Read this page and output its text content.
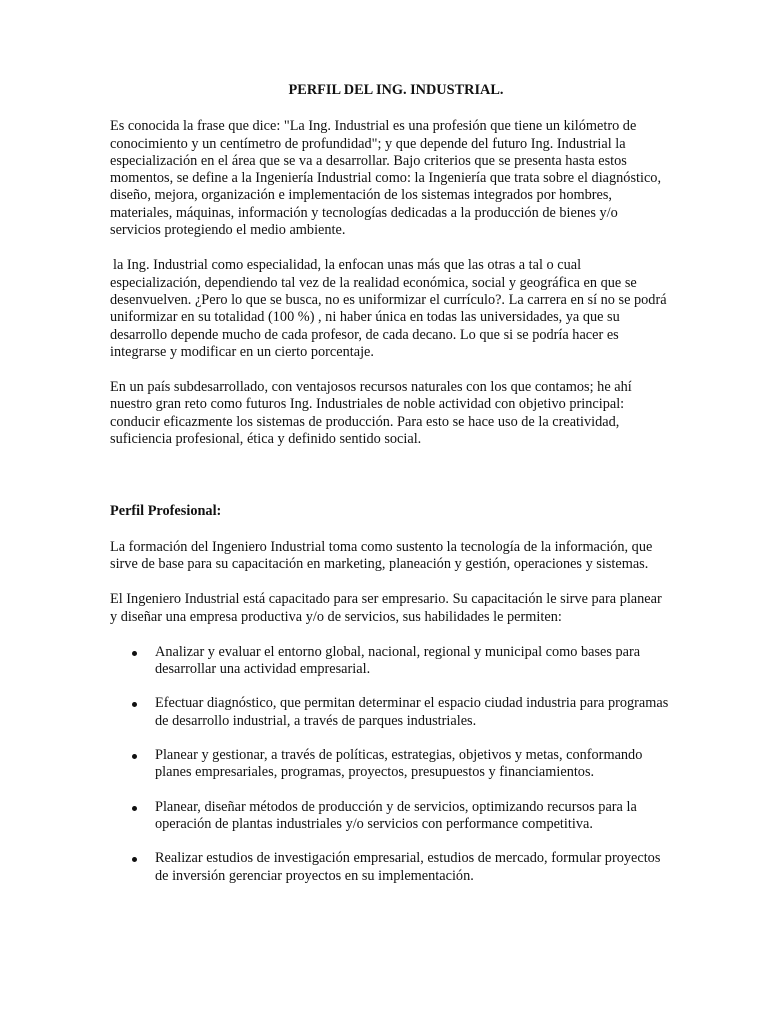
PERFIL DEL ING. INDUSTRIAL.

Es conocida la frase que dice: "La Ing. Industrial es una profesión que tiene un kilómetro de conocimiento y un centímetro de profundidad"; y que depende del futuro Ing. Industrial la especialización en el área que se va a desarrollar. Bajo criterios que se presenta hasta estos momentos, se define a la Ingeniería Industrial como: la Ingeniería que trata sobre el diagnóstico, diseño, mejora, organización e implementación de los sistemas integrados por hombres, materiales, máquinas, información y tecnologías dedicadas a la producción de bienes y/o servicios protegiendo el medio ambiente.

la Ing. Industrial como especialidad, la enfocan unas más que las otras a tal o cual especialización, dependiendo tal vez de la realidad económica, social y geográfica en que se desenvuelven. ¿Pero lo que se busca, no es uniformizar el currículo?. La carrera en sí no se podrá uniformizar en su totalidad (100 %) , ni haber única en todas las universidades, ya que su desarrollo depende mucho de cada profesor, de cada decano. Lo que si se podría hacer es integrarse y modificar en un cierto porcentaje.

En un país subdesarrollado, con ventajosos recursos naturales con los que contamos; he ahí nuestro gran reto como futuros Ing. Industriales de noble actividad con objetivo principal: conducir eficazmente los sistemas de producción. Para esto se hace uso de la creatividad, suficiencia profesional, ética y definido sentido social.

Perfil Profesional:

La formación del Ingeniero Industrial toma como sustento la tecnología de la información, que sirve de base para su capacitación en marketing, planeación y gestión, operaciones y sistemas.

El Ingeniero Industrial está capacitado para ser empresario. Su capacitación le sirve para planear y diseñar una empresa productiva y/o de servicios, sus habilidades le permiten:

Analizar y evaluar el entorno global, nacional, regional y municipal como bases para desarrollar una actividad empresarial.
Efectuar diagnóstico, que permitan determinar el espacio ciudad industria para programas de desarrollo industrial, a través de parques industriales.
Planear y gestionar, a través de políticas, estrategias, objetivos y metas, conformando planes empresariales, programas, proyectos, presupuestos y financiamientos.
Planear, diseñar métodos de producción y de servicios, optimizando recursos para la operación de plantas industriales y/o servicios con performance competitiva.
Realizar estudios de investigación empresarial, estudios de mercado, formular proyectos de inversión gerenciar proyectos en su implementación.
